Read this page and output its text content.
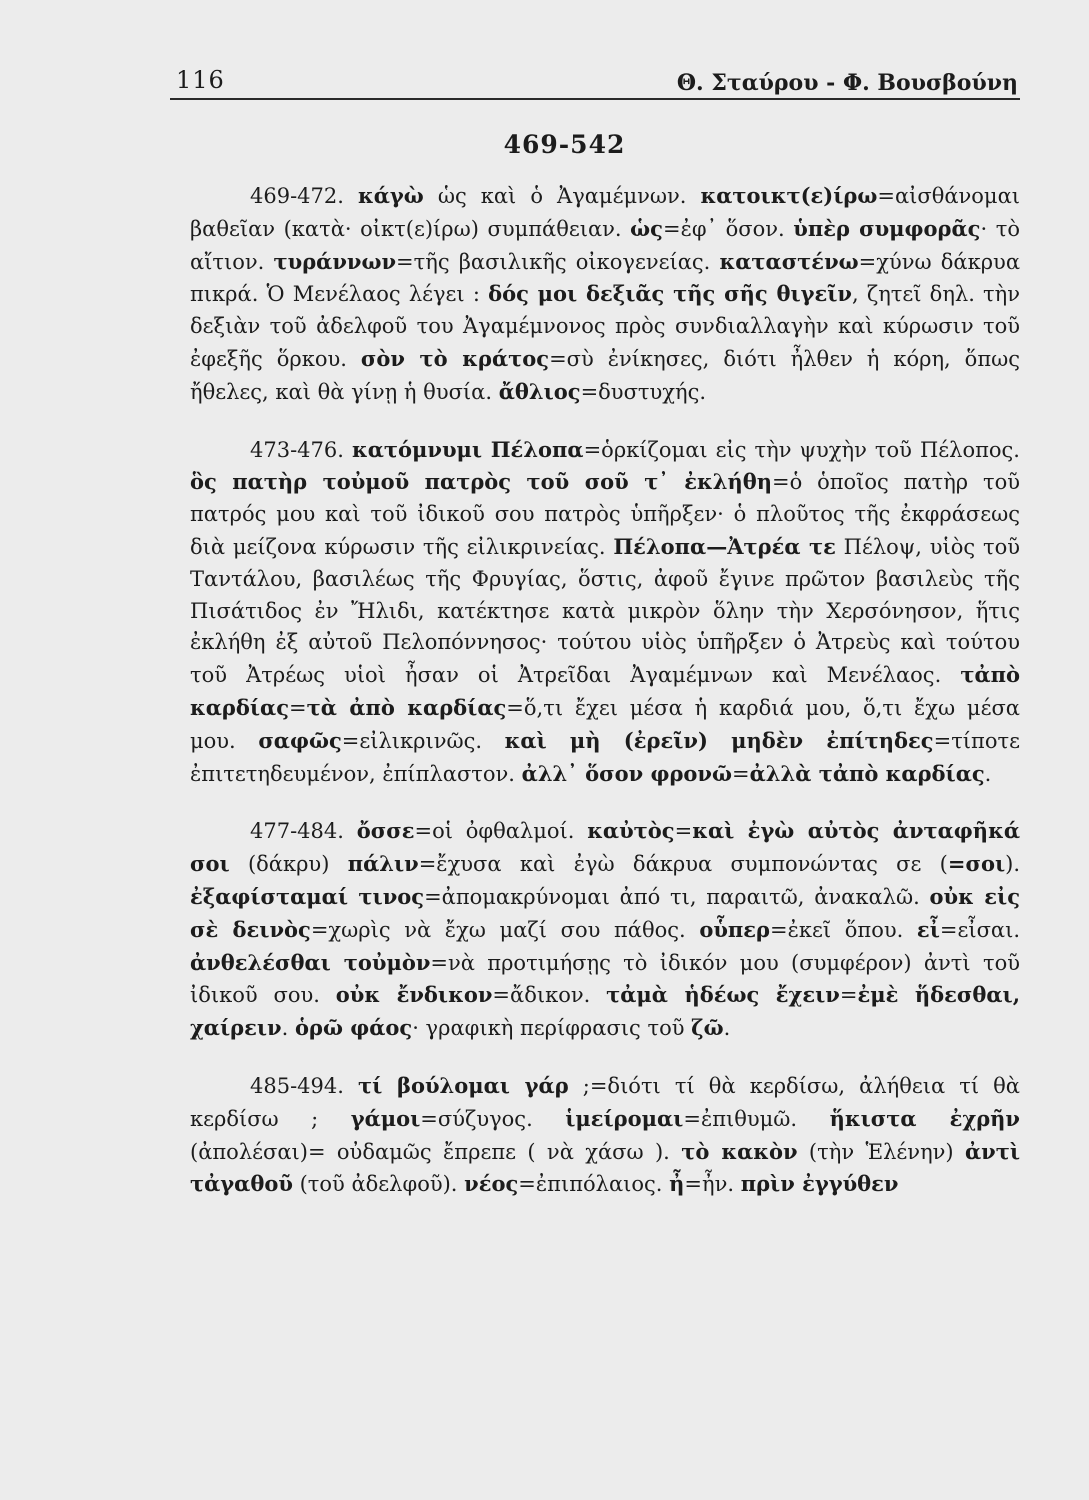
116	Θ. Σταύρου - Φ. Βουσβούνη
469-542

469-472. κάγὼ ὡς καὶ ὁ Ἀγαμέμνων. κατοικτ(ε)ίρω=αἰσθάνομαι βαθεῖαν (κατὰ· οἰκτ(ε)ίρω) συμπάθειαν. ὡς=ἐφ᾿ ὅσον. ὑπὲρ συμφορᾶς· τὸ αἴτιον. τυράννων=τῆς βασιλικῆς οἰκογενείας. καταστένω=χύνω δάκρυα πικρά. Ὁ Μενέλαος λέγει : δός μοι δεξιᾶς τῆς σῆς θιγεῖν, ζητεῖ δηλ. τὴν δεξιὰν τοῦ ἀδελφοῦ του Ἀγαμέμνονος πρὸς συνδιαλλαγὴν καὶ κύρωσιν τοῦ ἐφεξῆς ὅρκου. σὸν τὸ κράτος=σὺ ἐνίκησες, διότι ἦλθεν ἡ κόρη, ὅπως ἤθελες, καὶ θὰ γίνῃ ἡ θυσία. ἄθλιος=δυστυχής.

473-476. κατόμνυμι Πέλοπα=ὁρκίζομαι εἰς τὴν ψυχὴν τοῦ Πέλοπος. ὃς πατὴρ τοὐμοῦ πατρὸς τοῦ σοῦ τ᾿ ἐκλήθη=ὁ ὁποῖος πατὴρ τοῦ πατρός μου καὶ τοῦ ἰδικοῦ σου πατρὸς ὑπῆρξεν· ὁ πλοῦτος τῆς ἐκφράσεως διὰ μείζονα κύρωσιν τῆς εἰλικρινείας. Πέλοπα—Ἀτρέα τε Πέλοψ, υἱὸς τοῦ Ταντάλου, βασιλέως τῆς Φρυγίας, ὅστις, ἀφοῦ ἔγινε πρῶτον βασιλεὺς τῆς Πισάτιδος ἐν Ἤλιδι, κατέκτησε κατὰ μικρὸν ὅλην τὴν Χερσόνησον, ἥτις ἐκλήθη ἐξ αὐτοῦ Πελοπόννησος· τούτου υἱὸς ὑπῆρξεν ὁ Ἀτρεὺς καὶ τούτου τοῦ Ἀτρέως υἱοὶ ἦσαν οἱ Ἀτρεῖδαι Ἀγαμέμνων καὶ Μενέλαος. τἀπὸ καρδίας=τὰ ἀπὸ καρδίας=ὅ,τι ἔχει μέσα ἡ καρδιά μου, ὅ,τι ἔχω μέσα μου. σαφῶς=εἰλικρινῶς. καὶ μὴ (ἐρεῖν) μηδὲν ἐπίτηδες=τίποτε ἐπιτετηδευμένον, ἐπίπλαστον. ἀλλ᾿ ὅσον φρονῶ=ἀλλὰ τἀπὸ καρδίας.

477-484. ὄσσε=οἱ ὀφθαλμοί. καὐτὸς=καὶ ἐγὼ αὐτὸς ἀνταφῆκά σοι (δάκρυ) πάλιν=ἔχυσα καὶ ἐγὼ δάκρυα συμπονώντας σε (=σοι). ἐξαφίσταμαί τινος=ἀπομακρύνομαι ἀπό τι, παραιτῶ, ἀνακαλῶ. οὐκ εἰς σὲ δεινὸς=χωρὶς νὰ ἔχω μαζί σου πάθος. οὗπερ=ἐκεῖ ὅπου. εἶ=εἶσαι. ἀνθελέσθαι τοὐμὸν=νὰ προτιμήσῃς τὸ ἰδικόν μου (συμφέρον) ἀντὶ τοῦ ἰδικοῦ σου. οὐκ ἔνδικον=ἄδικον. τἀμὰ ἡδέως ἔχειν=ἐμὲ ἥδεσθαι, χαίρειν. ὁρῶ φάος· γραφικὴ περίφρασις τοῦ ζῶ.

485-494. τί βούλομαι γάρ ;=διότι τί θὰ κερδίσω, ἀλήθεια τί θὰ κερδίσω ; γάμοι=σύζυγος. ἱμείρομαι=ἐπιθυμῶ. ἥκιστα ἐχρῆν (ἀπολέσαι)= οὐδαμῶς ἔπρεπε ( νὰ χάσω ). τὸ κακὸν (τὴν Ἑλένην) ἀντὶ τἀγαθοῦ (τοῦ ἀδελφοῦ). νέος=ἐπιπόλαιος. ἦ=ἦν. πρὶν ἐγγύθεν
